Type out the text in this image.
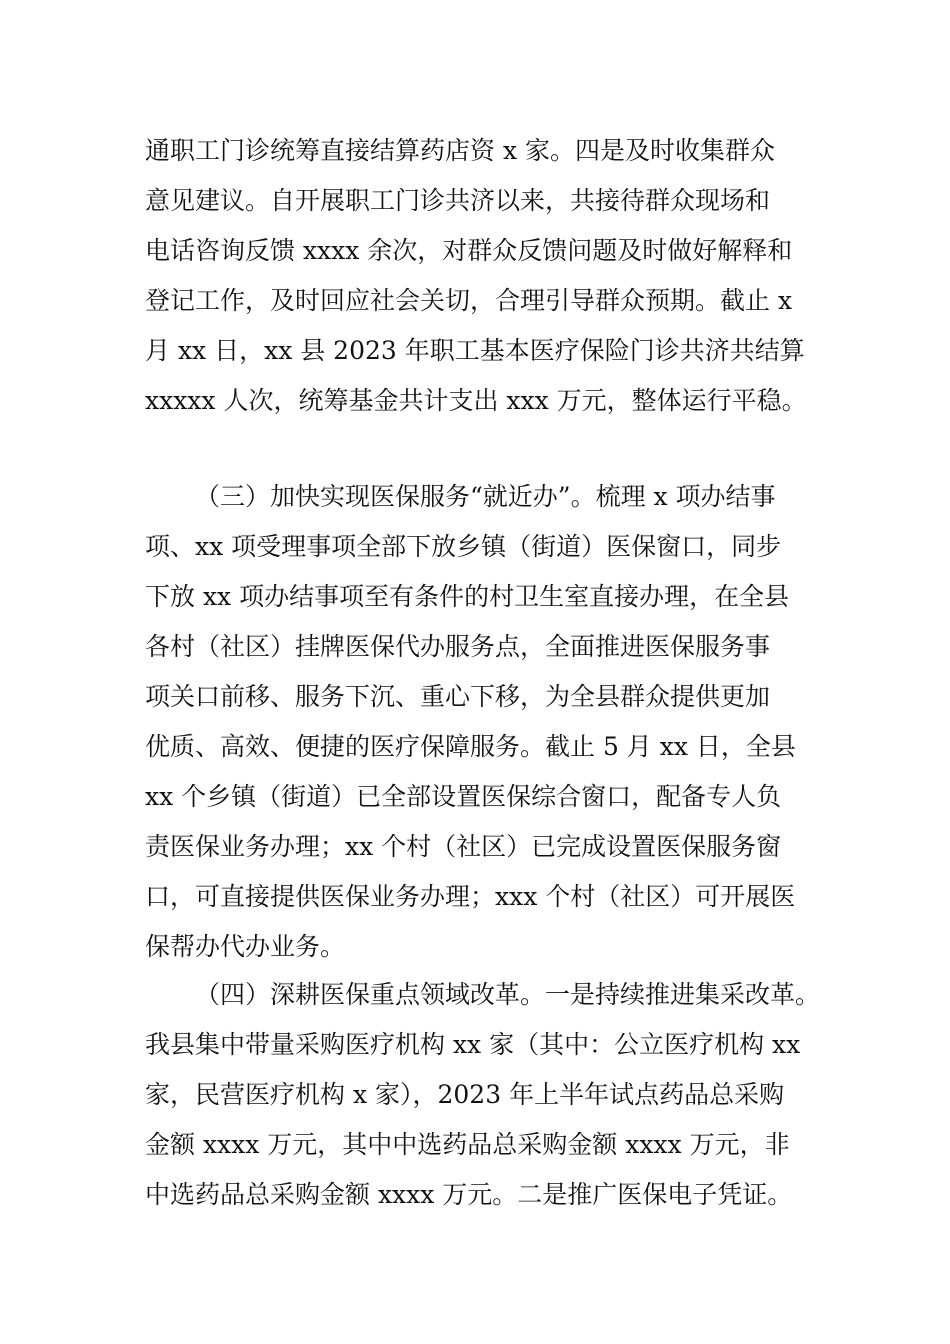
通职工门诊统筹直接结算药店资 x 家。四是及时收集群众
意见建议。自开展职工门诊共济以来，共接待群众现场和
电话咨询反馈 xxxx 余次，对群众反馈问题及时做好解释和
登记工作，及时回应社会关切，合理引导群众预期。截止 x
月 xx 日，xx 县 2023 年职工基本医疗保险门诊共济共结算
xxxxx 人次，统筹基金共计支出 xxx 万元，整体运行平稳。
（三）加快实现医保服务“就近办”。梳理 x 项办结事
项、xx 项受理事项全部下放乡镇（街道）医保窗口，同步
下放 xx 项办结事项至有条件的村卫生室直接办理，在全县
各村（社区）挂牌医保代办服务点，全面推进医保服务事
项关口前移、服务下沉、重心下移，为全县群众提供更加
优质、高效、便捷的医疗保障服务。截止 5 月 xx 日，全县
xx 个乡镇（街道）已全部设置医保综合窗口，配备专人负
责医保业务办理；xx 个村（社区）已完成设置医保服务窗
口，可直接提供医保业务办理；xxx 个村（社区）可开展医
保帮办代办业务。
（四）深耕医保重点领域改革。一是持续推进集采改革。
我县集中带量采购医疗机构 xx 家（其中：公立医疗机构 xx
家，民营医疗机构 x 家），2023 年上半年试点药品总采购
金额 xxxx 万元，其中中选药品总采购金额 xxxx 万元，非
中选药品总采购金额 xxxx 万元。二是推广医保电子凭证。
